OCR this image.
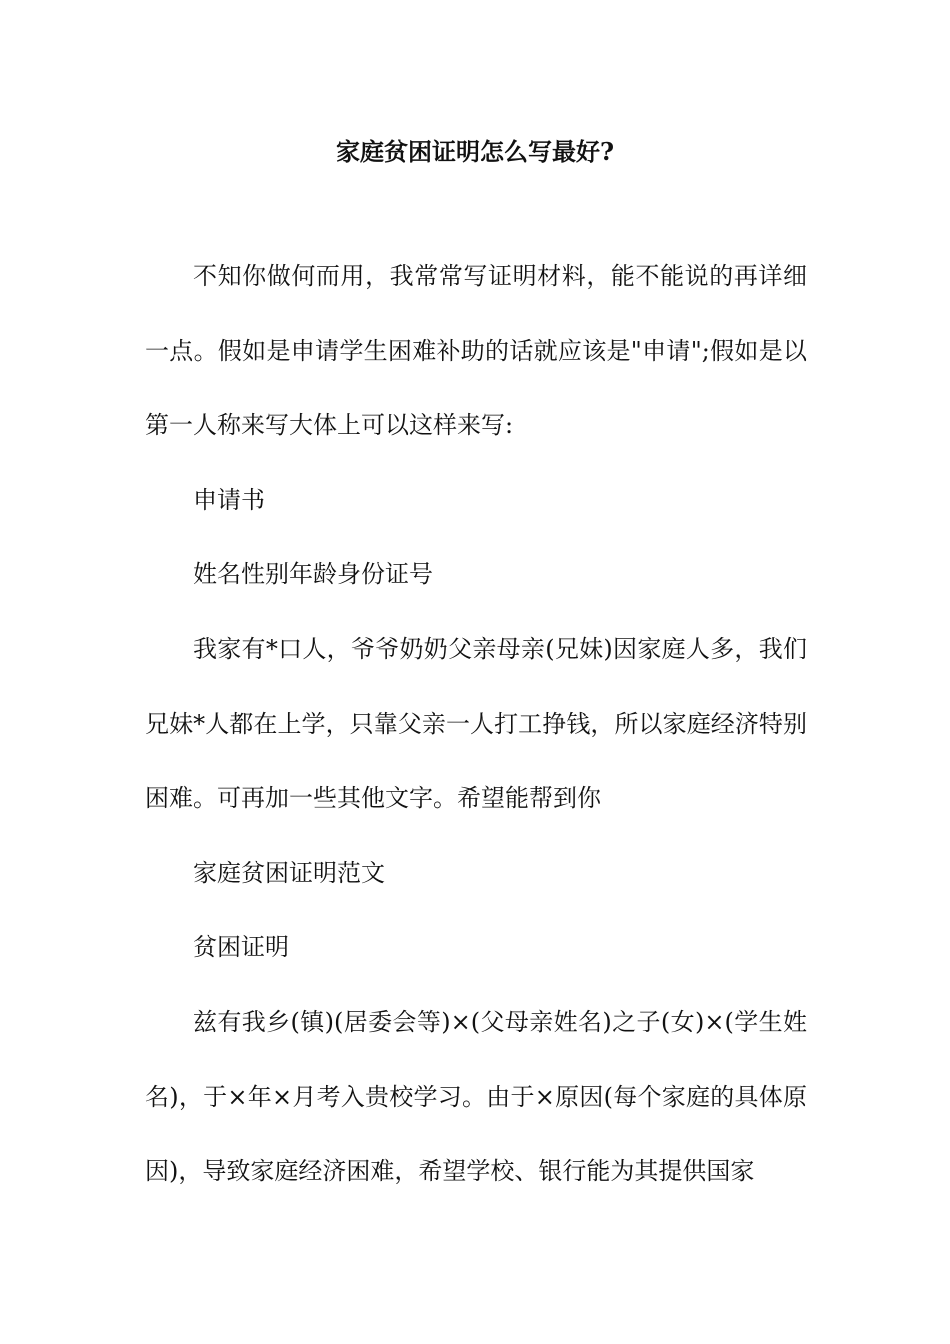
家庭贫困证明怎么写最好?

不知你做何而用，我常常写证明材料，能不能说的再详细一点。假如是申请学生困难补助的话就应该是"申请";假如是以第一人称来写大体上可以这样来写:

申请书

姓名性别年龄身份证号

我家有*口人，爷爷奶奶父亲母亲(兄妹)因家庭人多，我们兄妹*人都在上学，只靠父亲一人打工挣钱，所以家庭经济特别困难。可再加一些其他文字。希望能帮到你

家庭贫困证明范文

贫困证明

兹有我乡(镇)(居委会等)×(父母亲姓名)之子(女)×(学生姓名)，于×年×月考入贵校学习。由于×原因(每个家庭的具体原因)，导致家庭经济困难，希望学校、银行能为其提供国家
